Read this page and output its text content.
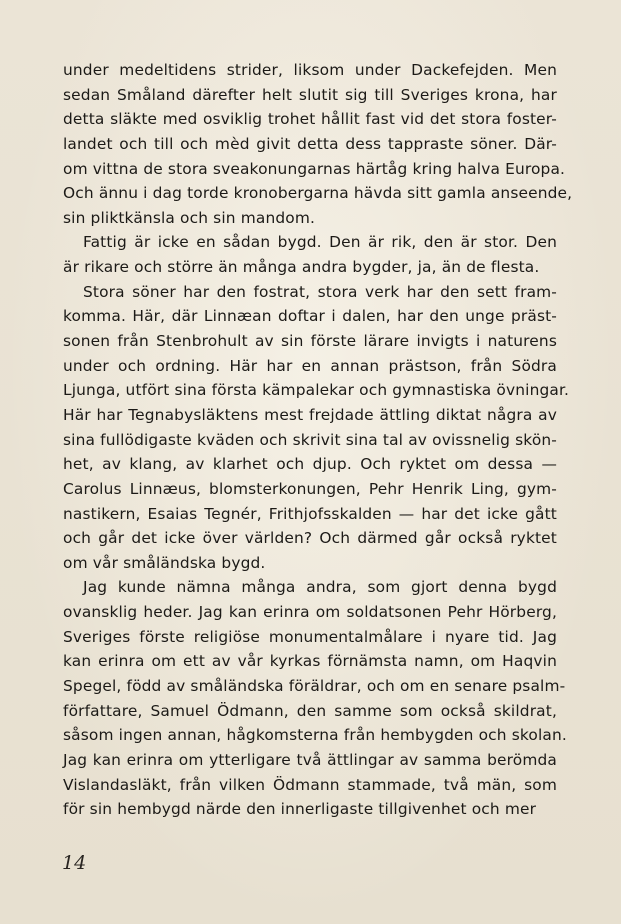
under medeltidens strider, liksom under Dackefejden. Men
sedan Småland därefter helt slutit sig till Sveriges krona, har
detta släkte med osviklig trohet hållit fast vid det stora foster-
landet och till och mèd givit detta dess tappraste söner. Där-
om vittna de stora sveakonungarnas härtåg kring halva Europa.
Och ännu i dag torde kronobergarna hävda sitt gamla anseende,
sin pliktkänsla och sin mandom.
Fattig är icke en sådan bygd. Den är rik, den är stor. Den
är rikare och större än många andra bygder, ja, än de flesta.
Stora söner har den fostrat, stora verk har den sett fram-
komma. Här, där Linnæan doftar i dalen, har den unge präst-
sonen från Stenbrohult av sin förste lärare invigts i naturens
under och ordning. Här har en annan prästson, från Södra
Ljunga, utfört sina första kämpalekar och gymnastiska övningar.
Här har Tegnabysläktens mest frejdade ättling diktat några av
sina fullödigaste kväden och skrivit sina tal av ovissnelig skön-
het, av klang, av klarhet och djup. Och ryktet om dessa —
Carolus Linnæus, blomsterkonungen, Pehr Henrik Ling, gym-
nastikern, Esaias Tegnér, Frithjofsskalden — har det icke gått
och går det icke över världen? Och därmed går också ryktet
om vår småländska bygd.
Jag kunde nämna många andra, som gjort denna bygd
ovansklig heder. Jag kan erinra om soldatsonen Pehr Hörberg,
Sveriges förste religiöse monumentalmålare i nyare tid. Jag
kan erinra om ett av vår kyrkas förnämsta namn, om Haqvin
Spegel, född av småländska föräldrar, och om en senare psalm-
författare, Samuel Ödmann, den samme som också skildrat,
såsom ingen annan, hågkomsterna från hembygden och skolan.
Jag kan erinra om ytterligare två ättlingar av samma berömda
Vislandasläkt, från vilken Ödmann stammade, två män, som
för sin hembygd närde den innerligaste tillgivenhet och mer
14
